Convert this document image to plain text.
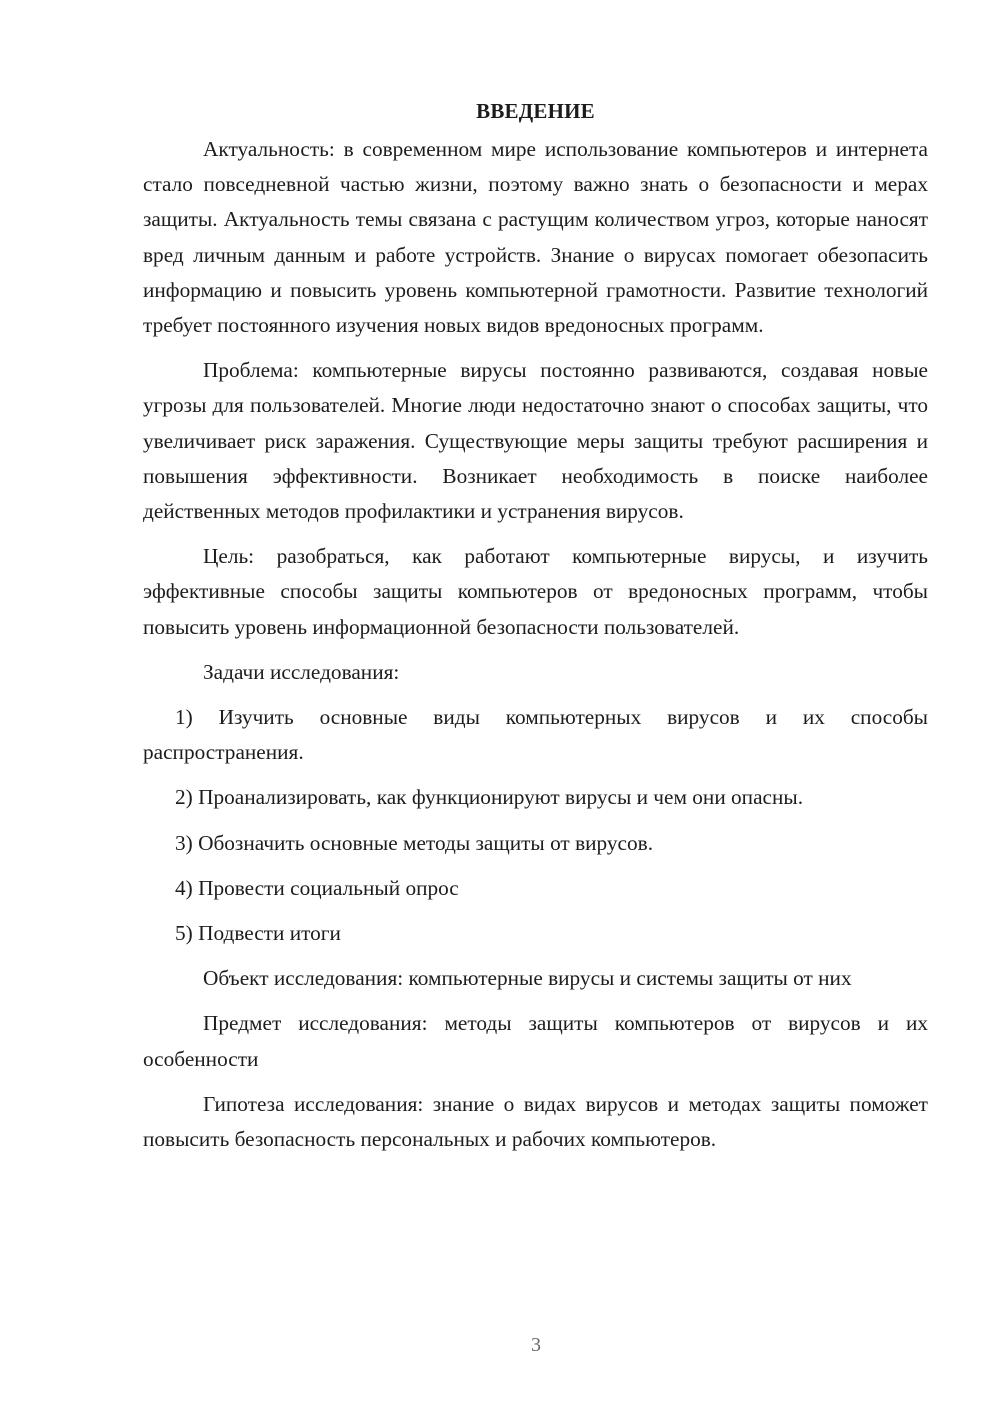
ВВЕДЕНИЕ

Актуальность: в современном мире использование компьютеров и интернета стало повседневной частью жизни, поэтому важно знать о безопасности и мерах защиты. Актуальность темы связана с растущим количеством угроз, которые наносят вред личным данным и работе устройств. Знание о вирусах помогает обезопасить информацию и повысить уровень компьютерной грамотности. Развитие технологий требует постоянного изучения новых видов вредоносных программ.

Проблема: компьютерные вирусы постоянно развиваются, создавая новые угрозы для пользователей. Многие люди недостаточно знают о способах защиты, что увеличивает риск заражения. Существующие меры защиты требуют расширения и повышения эффективности. Возникает необходимость в поиске наиболее действенных методов профилактики и устранения вирусов.

Цель: разобраться, как работают компьютерные вирусы, и изучить эффективные способы защиты компьютеров от вредоносных программ, чтобы повысить уровень информационной безопасности пользователей.

Задачи исследования:

1) Изучить основные виды компьютерных вирусов и их способы распространения.

2) Проанализировать, как функционируют вирусы и чем они опасны.

3) Обозначить основные методы защиты от вирусов.

4) Провести социальный опрос

5) Подвести итоги

Объект исследования: компьютерные вирусы и системы защиты от них

Предмет исследования: методы защиты компьютеров от вирусов и их особенности

Гипотеза исследования: знание о видах вирусов и методах защиты поможет повысить безопасность персональных и рабочих компьютеров.

3
